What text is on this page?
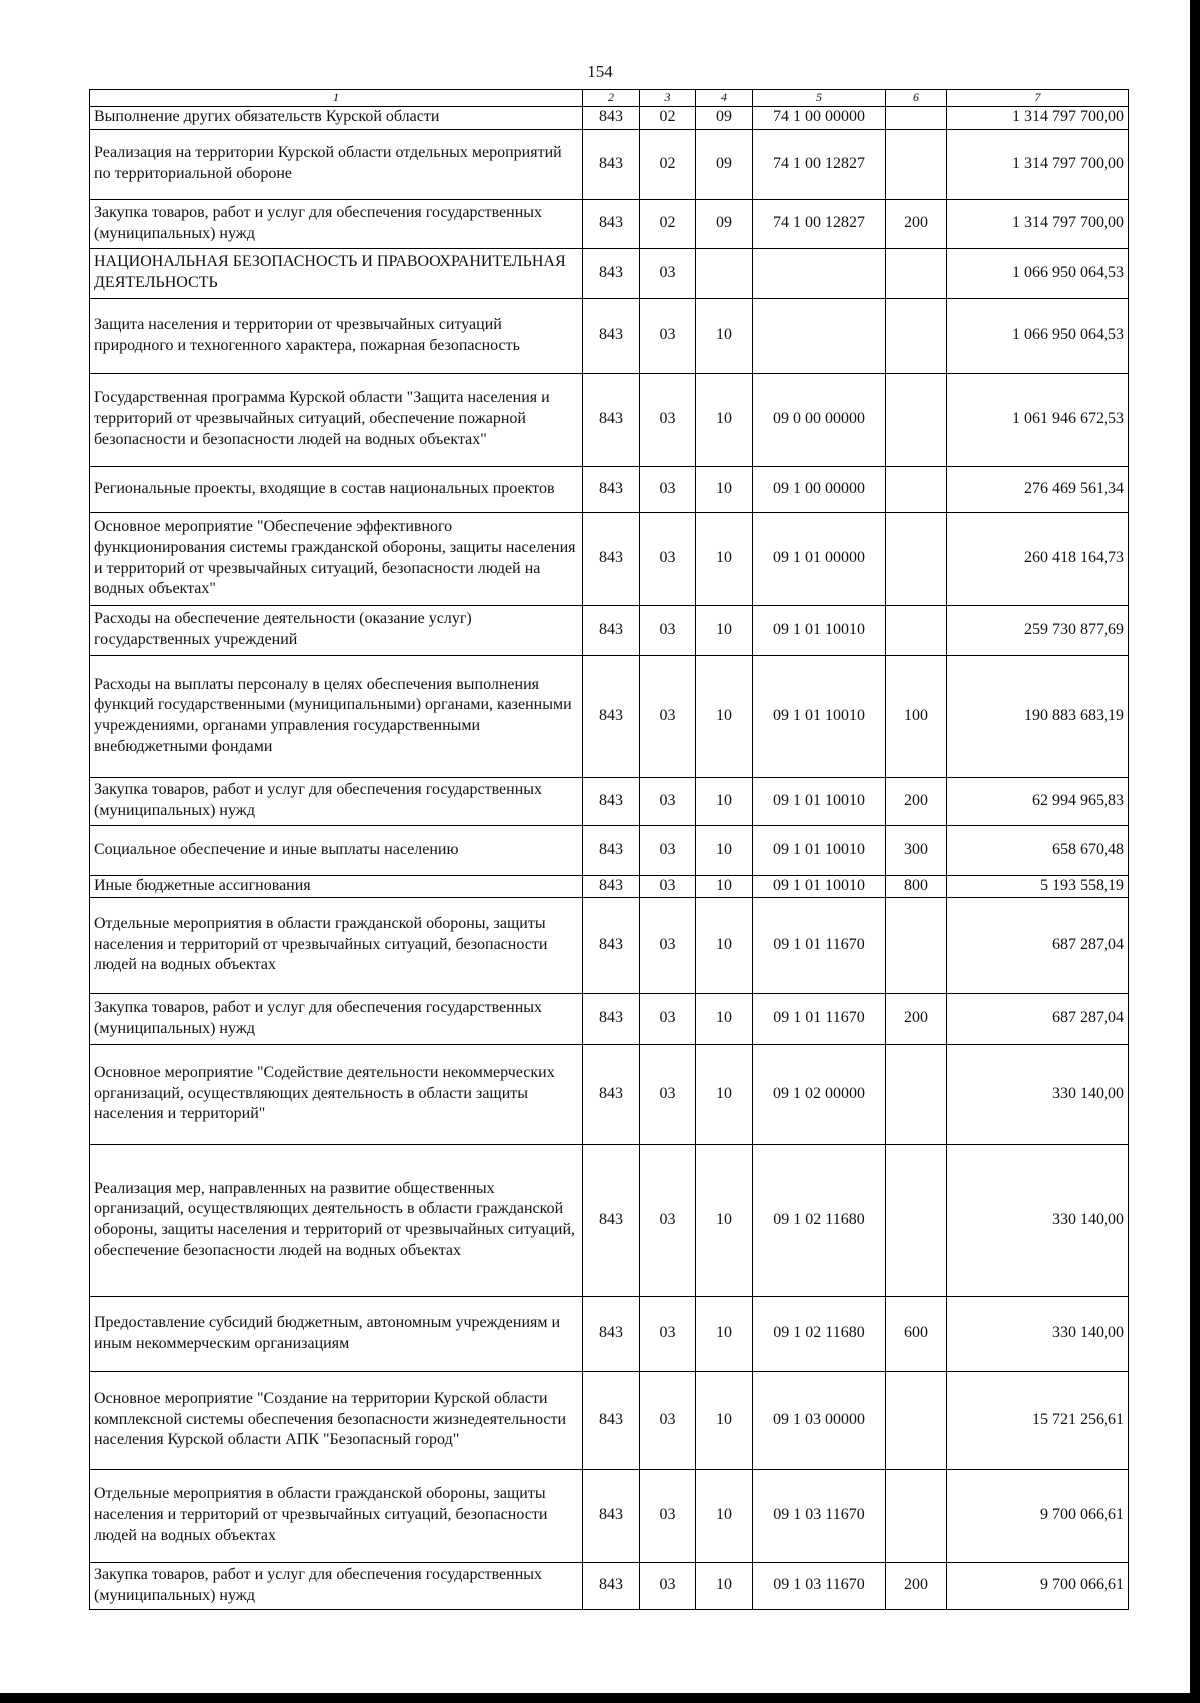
154
1	2	3	4	5	6	7
Выполнение других обязательств Курской области	843	02	09	74 1 00 00000		1 314 797 700,00
Реализация на территории Курской области отдельных мероприятий по территориальной обороне	843	02	09	74 1 00 12827		1 314 797 700,00
Закупка товаров, работ и услуг для обеспечения государственных (муниципальных) нужд	843	02	09	74 1 00 12827	200	1 314 797 700,00
НАЦИОНАЛЬНАЯ БЕЗОПАСНОСТЬ И ПРАВООХРАНИТЕЛЬНАЯ ДЕЯТЕЛЬНОСТЬ	843	03				1 066 950 064,53
Защита населения и территории от чрезвычайных ситуаций природного и техногенного характера, пожарная безопасность	843	03	10			1 066 950 064,53
Государственная программа Курской области "Защита населения и территорий от чрезвычайных ситуаций, обеспечение пожарной безопасности и безопасности людей на водных объектах"	843	03	10	09 0 00 00000		1 061 946 672,53
Региональные проекты, входящие в состав национальных проектов	843	03	10	09 1 00 00000		276 469 561,34
Основное мероприятие "Обеспечение эффективного функционирования системы гражданской обороны, защиты населения и территорий от чрезвычайных ситуаций, безопасности людей на водных объектах"	843	03	10	09 1 01 00000		260 418 164,73
Расходы на обеспечение деятельности (оказание услуг) государственных учреждений	843	03	10	09 1 01 10010		259 730 877,69
Расходы на выплаты персоналу в целях обеспечения выполнения функций государственными (муниципальными) органами, казенными учреждениями, органами управления государственными внебюджетными фондами	843	03	10	09 1 01 10010	100	190 883 683,19
Закупка товаров, работ и услуг для обеспечения государственных (муниципальных) нужд	843	03	10	09 1 01 10010	200	62 994 965,83
Социальное обеспечение и иные выплаты населению	843	03	10	09 1 01 10010	300	658 670,48
Иные бюджетные ассигнования	843	03	10	09 1 01 10010	800	5 193 558,19
Отдельные мероприятия в области гражданской обороны, защиты населения и территорий от чрезвычайных ситуаций, безопасности людей на водных объектах	843	03	10	09 1 01 11670		687 287,04
Закупка товаров, работ и услуг для обеспечения государственных (муниципальных) нужд	843	03	10	09 1 01 11670	200	687 287,04
Основное мероприятие "Содействие деятельности некоммерческих организаций, осуществляющих деятельность в области защиты населения и территорий"	843	03	10	09 1 02 00000		330 140,00
Реализация мер, направленных на развитие общественных организаций, осуществляющих деятельность в области гражданской обороны, защиты населения и территорий от чрезвычайных ситуаций, обеспечение безопасности людей на водных объектах	843	03	10	09 1 02 11680		330 140,00
Предоставление субсидий бюджетным, автономным учреждениям и иным некоммерческим организациям	843	03	10	09 1 02 11680	600	330 140,00
Основное мероприятие "Создание на территории Курской области комплексной системы обеспечения безопасности жизнедеятельности населения Курской области АПК "Безопасный город"	843	03	10	09 1 03 00000		15 721 256,61
Отдельные мероприятия в области гражданской обороны, защиты населения и территорий от чрезвычайных ситуаций, безопасности людей на водных объектах	843	03	10	09 1 03 11670		9 700 066,61
Закупка товаров, работ и услуг для обеспечения государственных (муниципальных) нужд	843	03	10	09 1 03 11670	200	9 700 066,61
